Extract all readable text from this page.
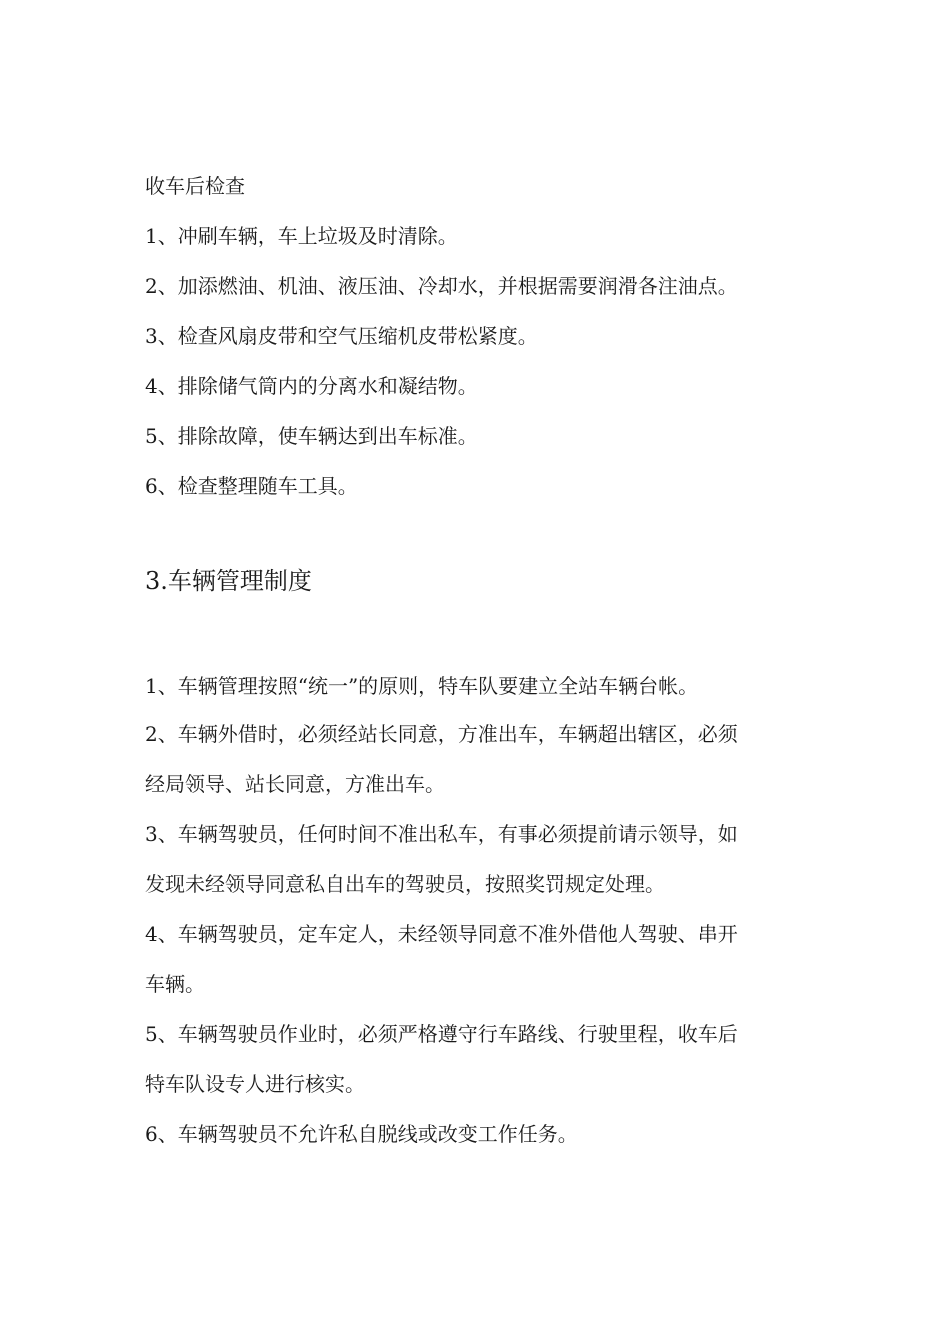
收车后检查
1、冲刷车辆，车上垃圾及时清除。
2、加添燃油、机油、液压油、冷却水，并根据需要润滑各注油点。
3、检查风扇皮带和空气压缩机皮带松紧度。
4、排除储气筒内的分离水和凝结物。
5、排除故障，使车辆达到出车标准。
6、检查整理随车工具。
3.车辆管理制度
1、车辆管理按照“统一”的原则，特车队要建立全站车辆台帐。
2、车辆外借时，必须经站长同意，方准出车，车辆超出辖区，必须
经局领导、站长同意，方准出车。
3、车辆驾驶员，任何时间不准出私车，有事必须提前请示领导，如
发现未经领导同意私自出车的驾驶员，按照奖罚规定处理。
4、车辆驾驶员，定车定人，未经领导同意不准外借他人驾驶、串开
车辆。
5、车辆驾驶员作业时，必须严格遵守行车路线、行驶里程，收车后
特车队设专人进行核实。
6、车辆驾驶员不允许私自脱线或改变工作任务。
